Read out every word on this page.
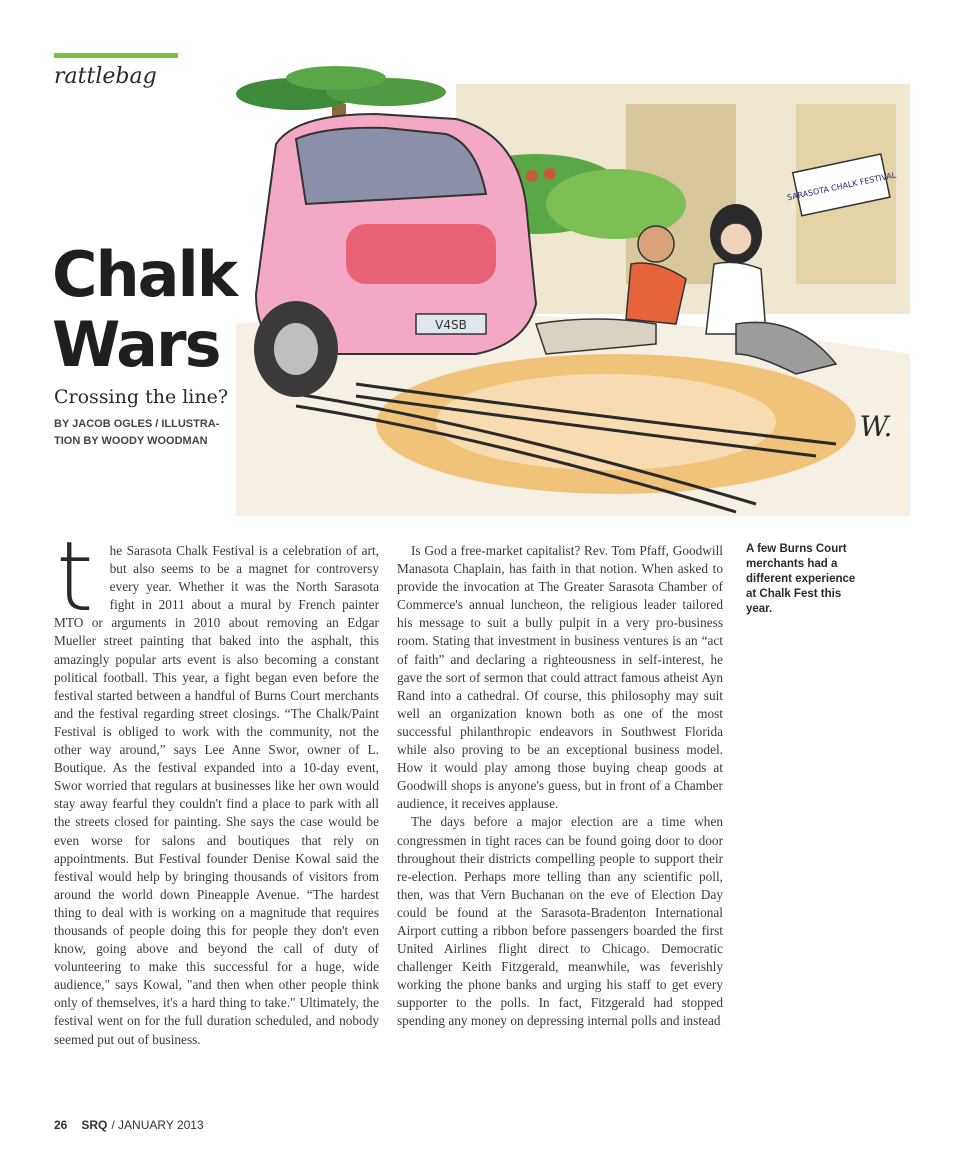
rattlebag
V4SB
SARASOTA CHALK FESTIVAL
W.
Chalk
Wars
Crossing the line?
BY JACOB OGLES / ILLUSTRA-TION BY WOODY WOODMAN

t he Sarasota Chalk Festival is a celebration of art, but also seems to be a magnet for controversy every year. Whether it was the North Sarasota fight in 2011 about a mural by French painter MTO or arguments in 2010 about removing an Edgar Mueller street painting that baked into the asphalt, this amazingly popular arts event is also becoming a constant political football. This year, a fight began even before the festival started between a handful of Burns Court merchants and the festival regarding street closings. “The Chalk/Paint Festival is obliged to work with the community, not the other way around,” says Lee Anne Swor, owner of L. Boutique. As the festival expanded into a 10-day event, Swor worried that regulars at businesses like her own would stay away fearful they couldn't find a place to park with all the streets closed for painting. She says the case would be even worse for salons and boutiques that rely on appointments. But Festival founder Denise Kowal said the festival would help by bringing thousands of visitors from around the world down Pineapple Avenue. “The hardest thing to deal with is working on a magnitude that requires thousands of people doing this for people they don't even know, going above and beyond the call of duty of volunteering to make this successful for a huge, wide audience," says Kowal, "and then when other people think only of themselves, it's a hard thing to take." Ultimately, the festival went on for the full duration scheduled, and nobody seemed put out of business.

Is God a free-market capitalist? Rev. Tom Pfaff, Goodwill Manasota Chaplain, has faith in that notion. When asked to provide the invocation at The Greater Sarasota Chamber of Commerce's annual luncheon, the religious leader tailored his message to suit a bully pulpit in a very pro-business room. Stating that investment in business ventures is an “act of faith” and declaring a righteousness in self-interest, he gave the sort of sermon that could attract famous atheist Ayn Rand into a cathedral. Of course, this philosophy may suit well an organization known both as one of the most successful philanthropic endeavors in Southwest Florida while also proving to be an exceptional business model. How it would play among those buying cheap goods at Goodwill shops is anyone's guess, but in front of a Chamber audience, it receives applause.

The days before a major election are a time when congressmen in tight races can be found going door to door throughout their districts compelling people to support their re-election. Perhaps more telling than any scientific poll, then, was that Vern Buchanan on the eve of Election Day could be found at the Sarasota-Bradenton International Airport cutting a ribbon before passengers boarded the first United Airlines flight direct to Chicago. Democratic challenger Keith Fitzgerald, meanwhile, was feverishly working the phone banks and urging his staff to get every supporter to the polls. In fact, Fitzgerald had stopped spending any money on depressing internal polls and instead

A few Burns Court merchants had a different experience at Chalk Fest this year.
26 SRQ / JANUARY 2013
